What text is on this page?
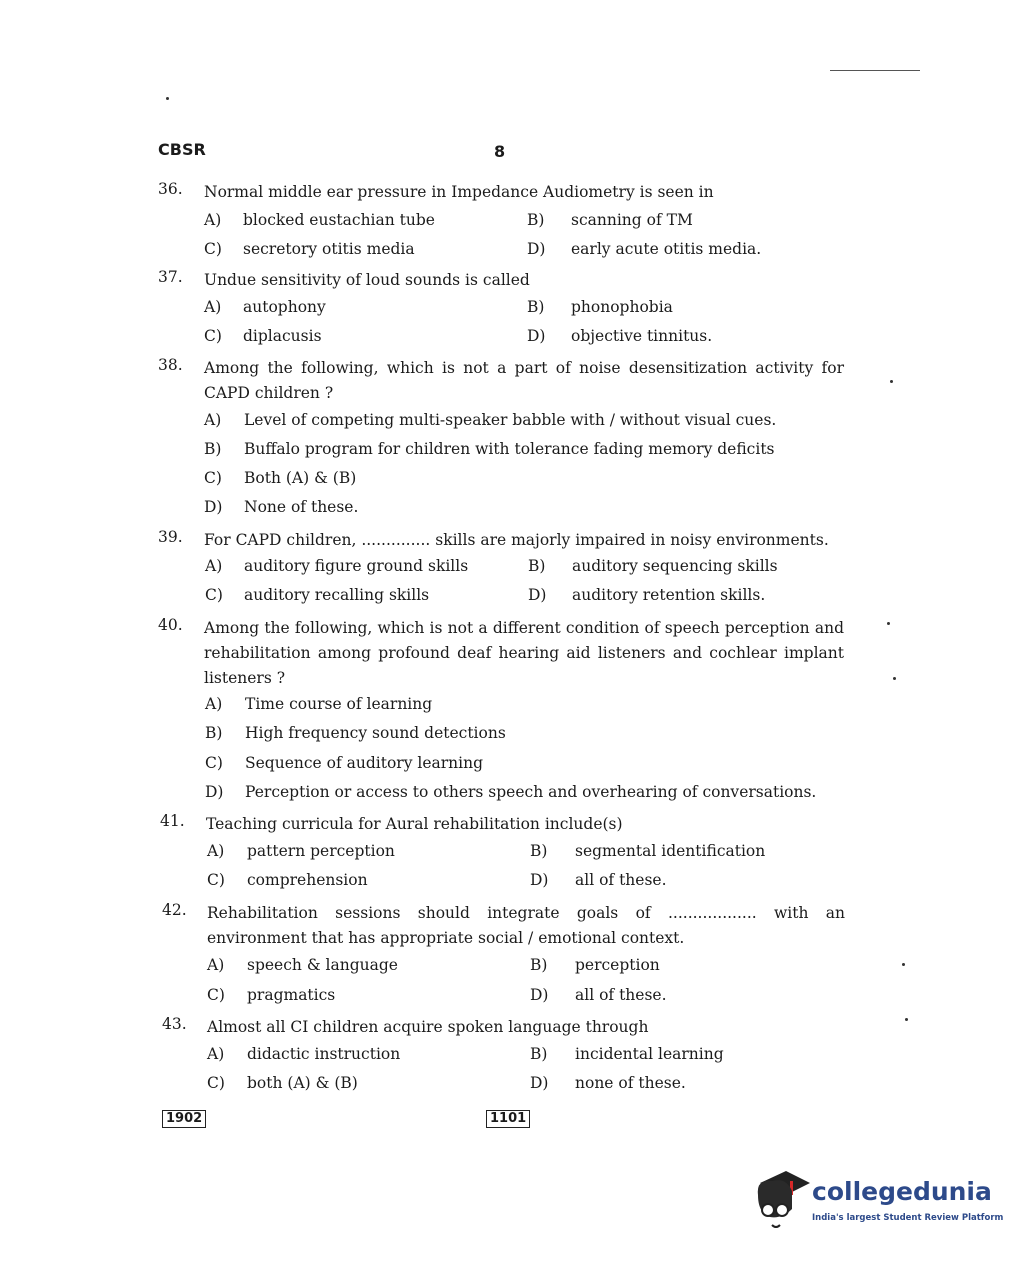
CBSR	8
36. Normal middle ear pressure in Impedance Audiometry is seen in
A) blocked eustachian tube	B) scanning of TM
C) secretory otitis media	D) early acute otitis media.
37. Undue sensitivity of loud sounds is called
A) autophony	B) phonophobia
C) diplacusis	D) objective tinnitus.
38. Among the following, which is not a part of noise desensitization activity for CAPD children ?
A) Level of competing multi-speaker babble with / without visual cues.
B) Buffalo program for children with tolerance fading memory deficits
C) Both (A) & (B)
D) None of these.
39. For CAPD children, .............. skills are majorly impaired in noisy environments.
A) auditory figure ground skills	B) auditory sequencing skills
C) auditory recalling skills	D) auditory retention skills.
40. Among the following, which is not a different condition of speech perception and rehabilitation among profound deaf hearing aid listeners and cochlear implant listeners ?
A) Time course of learning
B) High frequency sound detections
C) Sequence of auditory learning
D) Perception or access to others speech and overhearing of conversations.
41. Teaching curricula for Aural rehabilitation include(s)
A) pattern perception	B) segmental identification
C) comprehension	D) all of these.
42. Rehabilitation sessions should integrate goals of .................. with an environment that has appropriate social / emotional context.
A) speech & language	B) perception
C) pragmatics	D) all of these.
43. Almost all CI children acquire spoken language through
A) didactic instruction	B) incidental learning
C) both (A) & (B)	D) none of these.
1902	1101
collegedunia
India's largest Student Review Platform
